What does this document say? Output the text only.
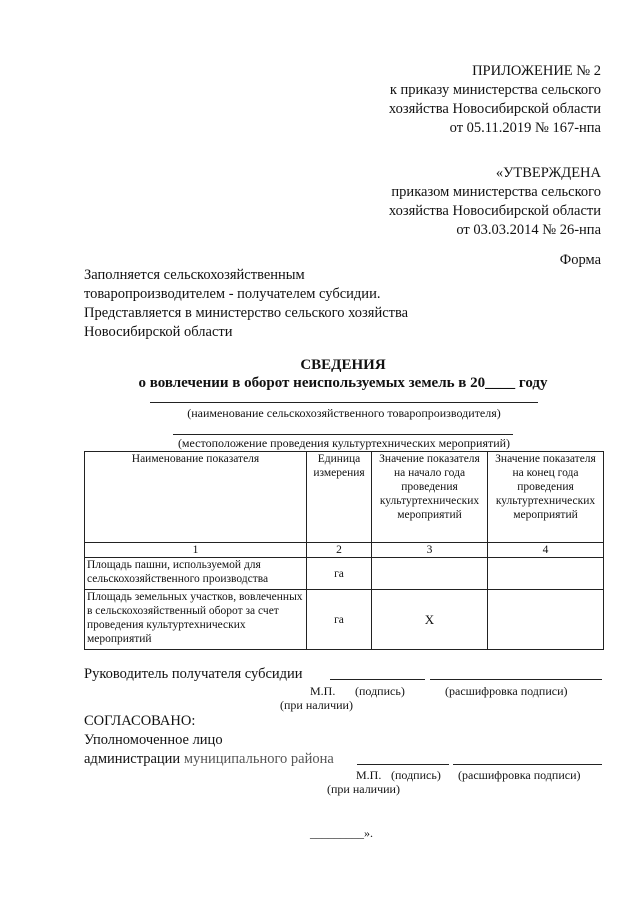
ПРИЛОЖЕНИЕ № 2
к приказу министерства сельского
хозяйства Новосибирской области
от 05.11.2019 № 167-нпа
«УТВЕРЖДЕНА
приказом министерства сельского
хозяйства Новосибирской области
от 03.03.2014 № 26-нпа
Форма
Заполняется сельскохозяйственным
товаропроизводителем - получателем субсидии.
Представляется в министерство сельского хозяйства
Новосибирской области
СВЕДЕНИЯ
о вовлечении в оборот неиспользуемых земель в 20____ году
(наименование сельскохозяйственного товаропроизводителя)
(местоположение проведения культуртехнических мероприятий)
Наименование показателя	Единица измерения	Значение показателя на начало года проведения культуртехнических мероприятий	Значение показателя на конец года проведения культуртехнических мероприятий
1	2	3	4
Площадь пашни, используемой для сельскохозяйственного производства	га		
Площадь земельных участков, вовлеченных в сельскохозяйственный оборот за счет проведения культуртехнических мероприятий	га	X	
Руководитель получателя субсидии
М.П. (подпись)	(расшифровка подписи)
(при наличии)
СОГЛАСОВАНО:
Уполномоченное лицо
администрации муниципального района
М.П. (подпись) (расшифровка подписи)
(при наличии)
_________».
